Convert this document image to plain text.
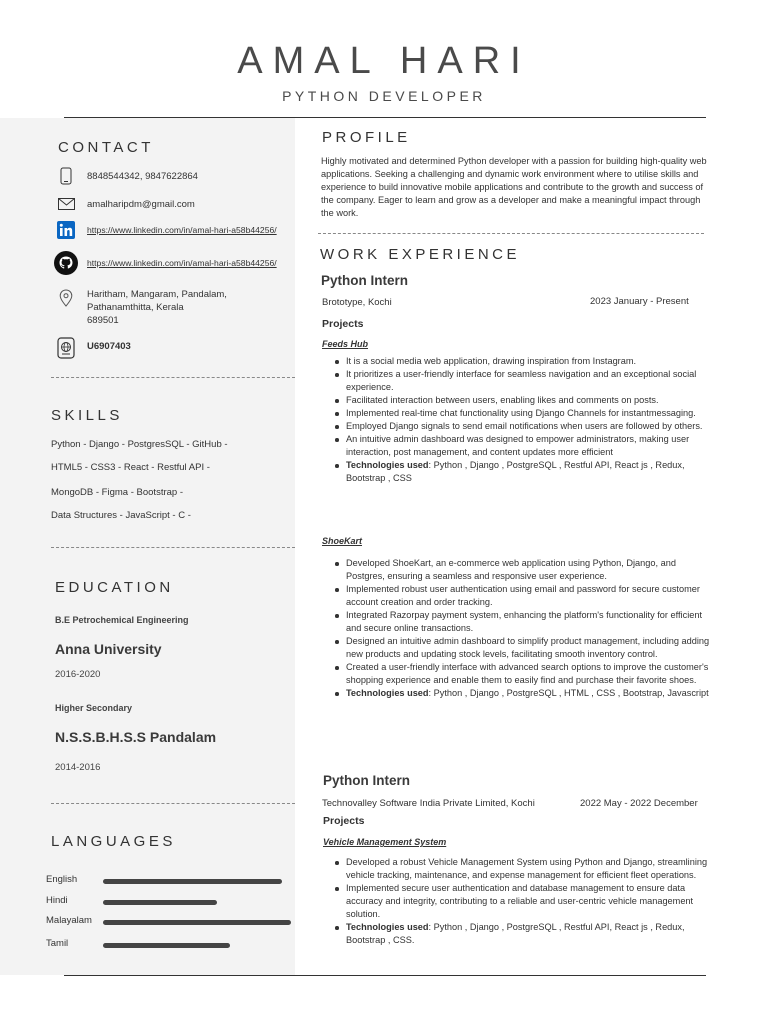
AMAL HARI
PYTHON DEVELOPER
CONTACT
8848544342, 9847622864
amalharipdm@gmail.com
https://www.linkedin.com/in/amal-hari-a58b44256/
https://www.linkedin.com/in/amal-hari-a58b44256/
Haritham, Mangaram, Pandalam,
Pathanamthitta, Kerala
689501
U6907403
SKILLS
Python - Django - PostgresSQL - GitHub -
HTML5 - CSS3 - React - Restful API -
MongoDB - Figma - Bootstrap -
Data Structures - JavaScript - C -
EDUCATION
B.E Petrochemical Engineering
Anna University
2016-2020
Higher Secondary
N.S.S.B.H.S.S Pandalam
2014-2016
LANGUAGES
English
Hindi
Malayalam
Tamil
PROFILE
Highly motivated and determined Python developer with a passion for building high-quality web applications. Seeking a challenging and dynamic work environment where to utilise skills and experience to build innovative mobile applications and contribute to the growth and success of the company. Eager to learn and grow as a developer and make a meaningful impact through the work.
WORK EXPERIENCE
Python Intern
Brototype, Kochi	2023 January - Present
Projects
Feeds Hub
It is a social media web application, drawing inspiration from Instagram.
It prioritizes a user-friendly interface for seamless navigation and an exceptional social experience.
Facilitated interaction between users, enabling likes and comments on posts.
Implemented real-time chat functionality using Django Channels for instantmessaging.
Employed Django signals to send email notifications when users are followed by others.
An intuitive admin dashboard was designed to empower administrators, making user interaction, post management, and content updates more efficient
Technologies used: Python , Django , PostgreSQL , Restful API, React js , Redux, Bootstrap , CSS
ShoeKart
Developed ShoeKart, an e-commerce web application using Python, Django, and Postgres, ensuring a seamless and responsive user experience.
Implemented robust user authentication using email and password for secure customer account creation and order tracking.
Integrated Razorpay payment system, enhancing the platform's functionality for efficient and secure online transactions.
Designed an intuitive admin dashboard to simplify product management, including adding new products and updating stock levels, facilitating smooth inventory control.
Created a user-friendly interface with advanced search options to improve the customer's shopping experience and enable them to easily find and purchase their favorite shoes.
Technologies used: Python , Django , PostgreSQL , HTML , CSS , Bootstrap, Javascript
Python Intern
Technovalley Software India Private Limited, Kochi	2022 May - 2022 December
Projects
Vehicle Management System
Developed a robust Vehicle Management System using Python and Django, streamlining vehicle tracking, maintenance, and expense management for efficient fleet operations.
Implemented secure user authentication and database management to ensure data accuracy and integrity, contributing to a reliable and user-centric vehicle management solution.
Technologies used: Python , Django , PostgreSQL , Restful API, React js , Redux, Bootstrap , CSS.
